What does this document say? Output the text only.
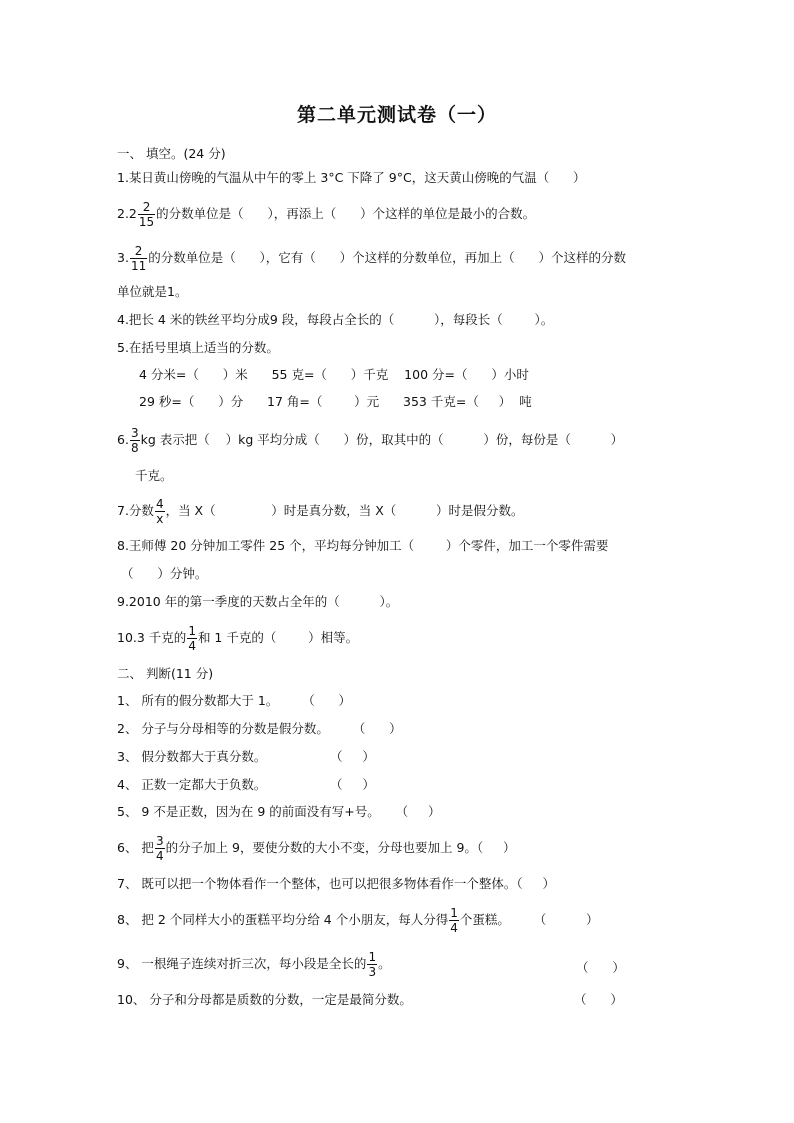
第二单元测试卷（一）
一、 填空。(24 分)
1.某日黄山傍晚的气温从中午的零上 3°C 下降了 9°C，这天黄山傍晚的气温（      ）
$2.2 \frac{2}{15}$ 的分数单位是（      ），再添上（      ）个这样的单位是最小的合数。
3. $\frac{2}{11}$ 的分数单位是（      ），它有（      ）个这样的分数单位，再加上（      ）个这样的分数
单位就是1。
4.把长 4 米的铁丝平均分成9 段，每段占全长的（          ），每段长（        ）。
5.在括号里填上适当的分数。
4 分米=（      ）米      55 克=（      ）千克    100 分=（      ）小时
29 秒=（      ）分      17 角=（        ）元      353 千克=（     ）  吨
6. $\frac{3}{8}$ kg 表示把（    ）kg 平均分成（      ）份，取其中的（          ）份，每份是（          ）
千克。
7.分数 $\frac{4}{x}$ ，当 X（              ）时是真分数，当 X（          ）时是假分数。
8.王师傅 20 分钟加工零件 25 个，平均每分钟加工（        ）个零件，加工一个零件需要
（      ）分钟。
9.2010 年的第一季度的天数占全年的（          ）。
10.3 千克的 $\frac{1}{4}$ 和 1 千克的（        ）相等。
二、 判断(11 分)
1、 所有的假分数都大于 1。      （      ）
2、 分子与分母相等的分数是假分数。      （      ）
3、 假分数都大于真分数。                （     ）
4、 正数一定都大于负数。                （     ）
5、 9 不是正数，因为在 9 的前面没有写+号。    （     ）
6、 把 $\frac{3}{4}$ 的分子加上 9，要使分数的大小不变，分母也要加上 9。（     ）
7、 既可以把一个物体看作一个整体，也可以把很多物体看作一个整体。（     ）
8、 把 2 个同样大小的蛋糕平均分给 4 个小朋友，每人分得 $\frac{1}{4}$ 个蛋糕。      （          ）
9、 一根绳子连续对折三次，每小段是全长的 $\frac{1}{3}$ 。	（      ）
10、 分子和分母都是质数的分数，一定是最简分数。	（      ）
